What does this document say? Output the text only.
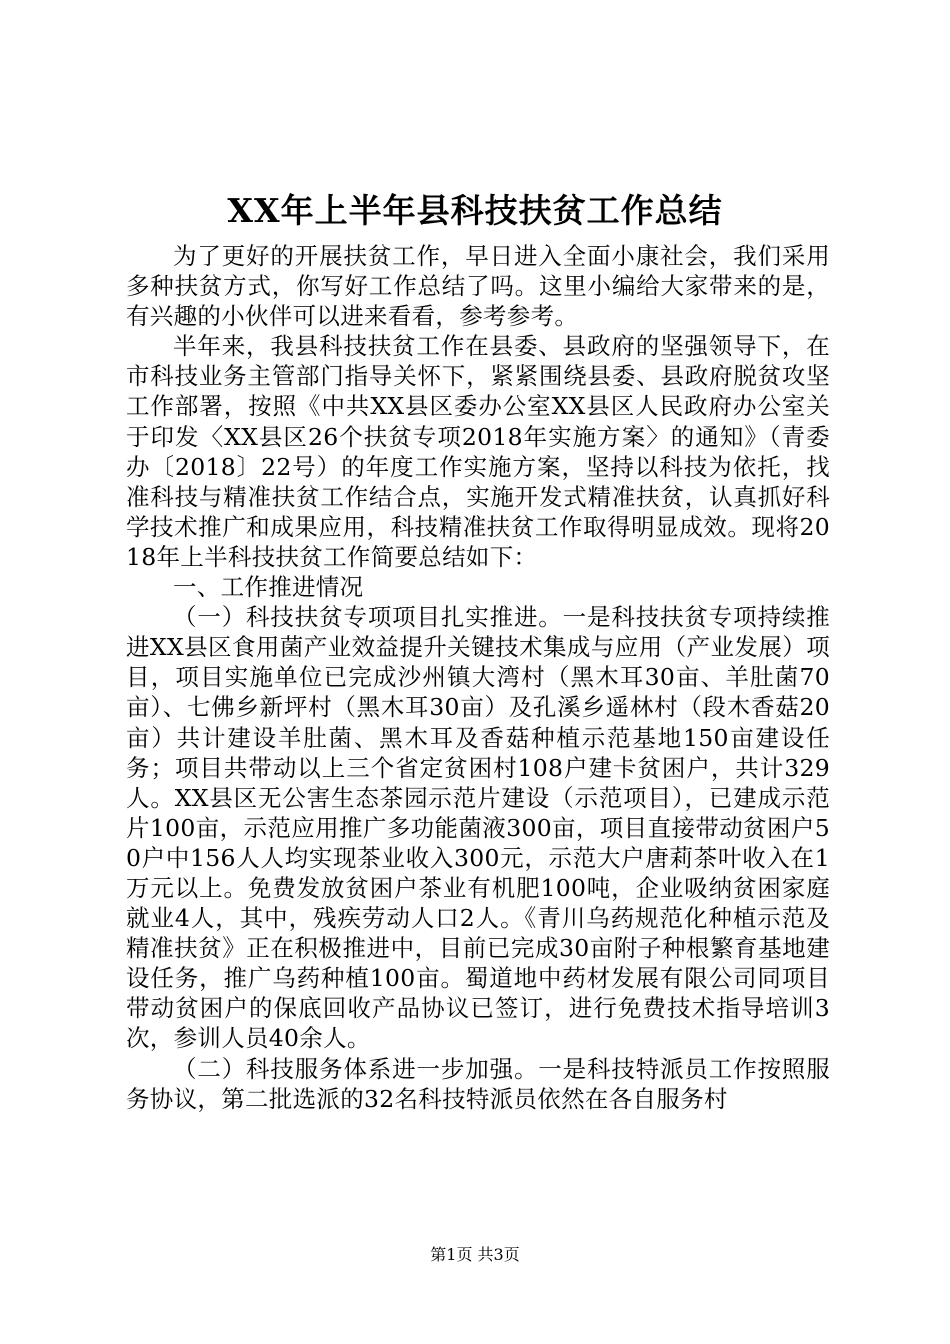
XX年上半年县科技扶贫工作总结

为了更好的开展扶贫工作，早日进入全面小康社会，我们采用多种扶贫方式，你写好工作总结了吗。这里小编给大家带来的是，有兴趣的小伙伴可以进来看看，参考参考。

半年来，我县科技扶贫工作在县委、县政府的坚强领导下，在市科技业务主管部门指导关怀下，紧紧围绕县委、县政府脱贫攻坚工作部署，按照《中共XX县区委办公室XX县区人民政府办公室关于印发〈XX县区26个扶贫专项2018年实施方案〉的通知》（青委办〔2018〕22号）的年度工作实施方案，坚持以科技为依托，找准科技与精准扶贫工作结合点，实施开发式精准扶贫，认真抓好科学技术推广和成果应用，科技精准扶贫工作取得明显成效。现将2018年上半科技扶贫工作简要总结如下：

一、工作推进情况

（一）科技扶贫专项项目扎实推进。一是科技扶贫专项持续推进XX县区食用菌产业效益提升关键技术集成与应用（产业发展）项目，项目实施单位已完成沙州镇大湾村（黑木耳30亩、羊肚菌70亩）、七佛乡新坪村（黑木耳30亩）及孔溪乡遥林村（段木香菇20亩）共计建设羊肚菌、黑木耳及香菇种植示范基地150亩建设任务；项目共带动以上三个省定贫困村108户建卡贫困户，共计329人。XX县区无公害生态茶园示范片建设（示范项目），已建成示范片100亩，示范应用推广多功能菌液300亩，项目直接带动贫困户50户中156人人均实现茶业收入300元，示范大户唐莉茶叶收入在1万元以上。免费发放贫困户茶业有机肥100吨，企业吸纳贫困家庭就业4人，其中，残疾劳动人口2人。《青川乌药规范化种植示范及精准扶贫》正在积极推进中，目前已完成30亩附子种根繁育基地建设任务，推广乌药种植100亩。蜀道地中药材发展有限公司同项目带动贫困户的保底回收产品协议已签订，进行免费技术指导培训3次，参训人员40余人。

（二）科技服务体系进一步加强。一是科技特派员工作按照服务协议，第二批选派的32名科技特派员依然在各自服务村

第1页 共3页
